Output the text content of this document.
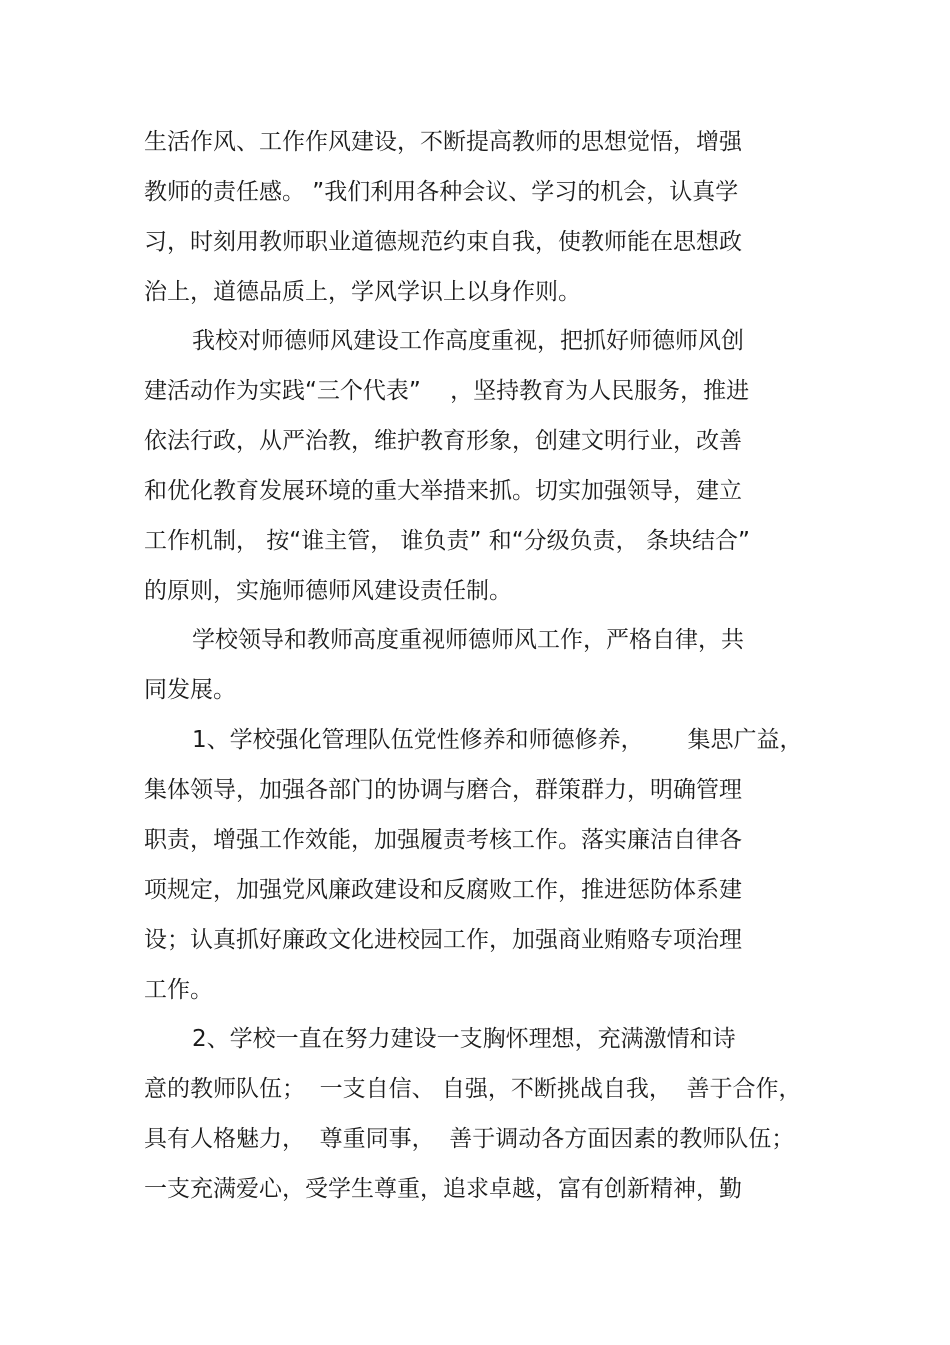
生活作风、工作作风建设，不断提高教师的思想觉悟，增强
教师的责任感。 ”我们利用各种会议、学习的机会，认真学
习，时刻用教师职业道德规范约束自我，使教师能在思想政
治上，道德品质上，学风学识上以身作则。
我校对师德师风建设工作高度重视，把抓好师德师风创
建活动作为实践“三个代表”    ，坚持教育为人民服务，推进
依法行政，从严治教，维护教育形象，创建文明行业，改善
和优化教育发展环境的重大举措来抓。切实加强领导，建立
工作机制， 按“谁主管， 谁负责” 和“分级负责， 条块结合”
的原则，实施师德师风建设责任制。
学校领导和教师高度重视师德师风工作，严格自律，共
同发展。
1、学校强化管理队伍党性修养和师德修养，      集思广益，
集体领导，加强各部门的协调与磨合，群策群力，明确管理
职责，增强工作效能，加强履责考核工作。落实廉洁自律各
项规定，加强党风廉政建设和反腐败工作，推进惩防体系建
设；认真抓好廉政文化进校园工作，加强商业贿赂专项治理
工作。
2、学校一直在努力建设一支胸怀理想，充满激情和诗
意的教师队伍；  一支自信、 自强，不断挑战自我，  善于合作，
具有人格魅力，  尊重同事，  善于调动各方面因素的教师队伍；
一支充满爱心，受学生尊重，追求卓越，富有创新精神，勤
